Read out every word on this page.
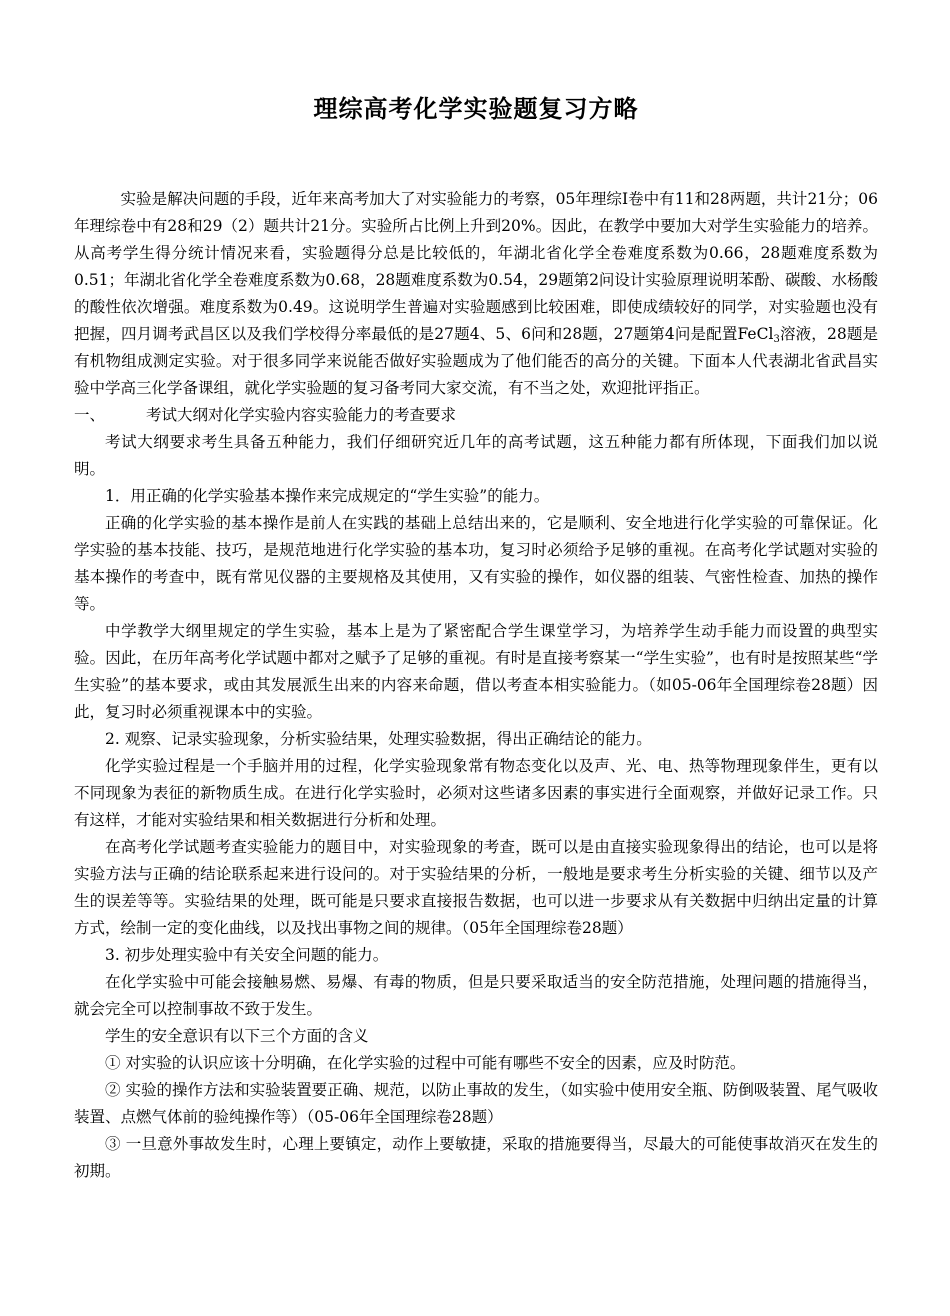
理综高考化学实验题复习方略

实验是解决问题的手段，近年来高考加大了对实验能力的考察，05年理综Ⅰ卷中有11和28两题，共计21分；06年理综卷中有28和29（2）题共计21分。实验所占比例上升到20%。因此，在教学中要加大对学生实验能力的培养。从高考学生得分统计情况来看，实验题得分总是比较低的，年湖北省化学全卷难度系数为0.66，28题难度系数为0.51；年湖北省化学全卷难度系数为0.68，28题难度系数为0.54，29题第2问设计实验原理说明苯酚、碳酸、水杨酸的酸性依次增强。难度系数为0.49。这说明学生普遍对实验题感到比较困难，即使成绩较好的同学，对实验题也没有把握，四月调考武昌区以及我们学校得分率最低的是27题4、5、6问和28题，27题第4问是配置FeCl$_3$溶液，28题是有机物组成测定实验。对于很多同学来说能否做好实验题成为了他们能否的高分的关键。下面本人代表湖北省武昌实验中学高三化学备课组，就化学实验题的复习备考同大家交流，有不当之处，欢迎批评指正。

一、	考试大纲对化学实验内容实验能力的考查要求

考试大纲要求考生具备五种能力，我们仔细研究近几年的高考试题，这五种能力都有所体现，下面我们加以说明。

1．用正确的化学实验基本操作来完成规定的“学生实验”的能力。

正确的化学实验的基本操作是前人在实践的基础上总结出来的，它是顺利、安全地进行化学实验的可靠保证。化学实验的基本技能、技巧，是规范地进行化学实验的基本功，复习时必须给予足够的重视。在高考化学试题对实验的基本操作的考查中，既有常见仪器的主要规格及其使用，又有实验的操作，如仪器的组装、气密性检查、加热的操作等。

中学教学大纲里规定的学生实验，基本上是为了紧密配合学生课堂学习，为培养学生动手能力而设置的典型实验。因此，在历年高考化学试题中都对之赋予了足够的重视。有时是直接考察某一“学生实验”，也有时是按照某些“学生实验”的基本要求，或由其发展派生出来的内容来命题，借以考查本相实验能力。（如05-06年全国理综卷28题）因此，复习时必须重视课本中的实验。

2. 观察、记录实验现象，分析实验结果，处理实验数据，得出正确结论的能力。

化学实验过程是一个手脑并用的过程，化学实验现象常有物态变化以及声、光、电、热等物理现象伴生，更有以不同现象为表征的新物质生成。在进行化学实验时，必须对这些诸多因素的事实进行全面观察，并做好记录工作。只有这样，才能对实验结果和相关数据进行分析和处理。

在高考化学试题考查实验能力的题目中，对实验现象的考查，既可以是由直接实验现象得出的结论，也可以是将实验方法与正确的结论联系起来进行设问的。对于实验结果的分析，一般地是要求考生分析实验的关键、细节以及产生的误差等等。实验结果的处理，既可能是只要求直接报告数据，也可以进一步要求从有关数据中归纳出定量的计算方式，绘制一定的变化曲线，以及找出事物之间的规律。（05年全国理综卷28题）

3. 初步处理实验中有关安全问题的能力。

在化学实验中可能会接触易燃、易爆、有毒的物质，但是只要采取适当的安全防范措施，处理问题的措施得当，就会完全可以控制事故不致于发生。

学生的安全意识有以下三个方面的含义

① 对实验的认识应该十分明确，在化学实验的过程中可能有哪些不安全的因素，应及时防范。

② 实验的操作方法和实验装置要正确、规范，以防止事故的发生，（如实验中使用安全瓶、防倒吸装置、尾气吸收装置、点燃气体前的验纯操作等）（05-06年全国理综卷28题）

③ 一旦意外事故发生时，心理上要镇定，动作上要敏捷，采取的措施要得当，尽最大的可能使事故消灭在发生的初期。
